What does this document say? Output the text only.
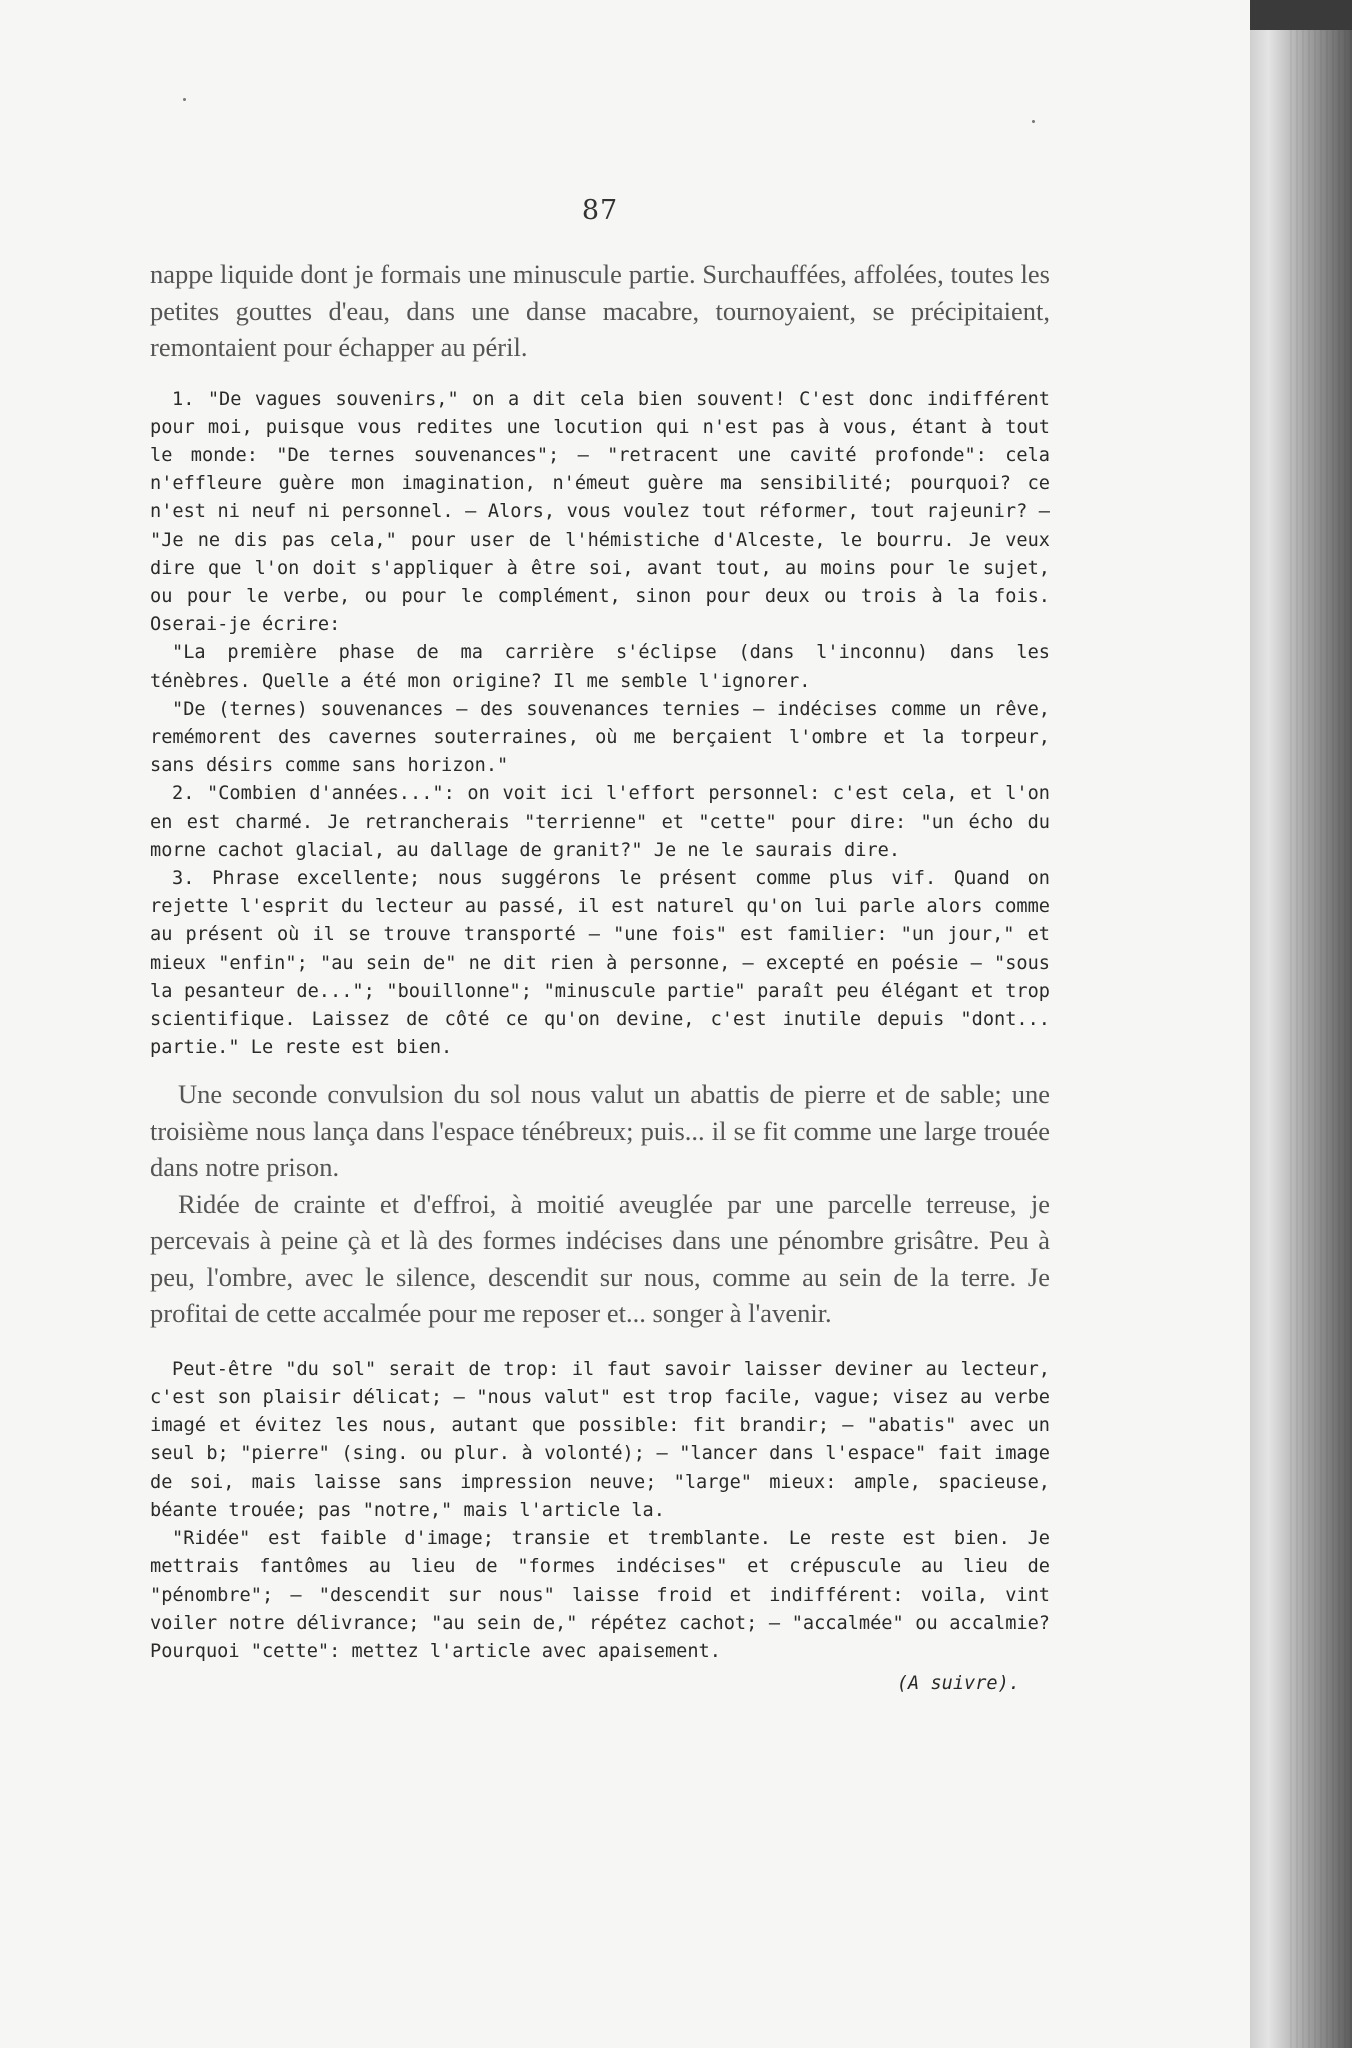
87

nappe liquide dont je formais une minuscule partie. Surchauffées, affolées, toutes les petites gouttes d'eau, dans une danse macabre, tournoyaient, se précipitaient, remontaient pour échapper au péril.

1. "De vagues souvenirs," on a dit cela bien souvent! C'est donc indifférent pour moi, puisque vous redites une locution qui n'est pas à vous, étant à tout le monde: "De ternes souvenances"; — "retracent une cavité profonde": cela n'effleure guère mon imagination, n'émeut guère ma sensibilité; pourquoi? ce n'est ni neuf ni personnel. — Alors, vous voulez tout réformer, tout rajeunir? — "Je ne dis pas cela," pour user de l'hémistiche d'Alceste, le bourru. Je veux dire que l'on doit s'appliquer à être soi, avant tout, au moins pour le sujet, ou pour le verbe, ou pour le complément, sinon pour deux ou trois à la fois. Oserai-je écrire:

"La première phase de ma carrière s'éclipse (dans l'inconnu) dans les ténèbres. Quelle a été mon origine? Il me semble l'ignorer.

"De (ternes) souvenances — des souvenances ternies — indécises comme un rêve, remémorent des cavernes souterraines, où me berçaient l'ombre et la torpeur, sans désirs comme sans horizon."

2. "Combien d'années...": on voit ici l'effort personnel: c'est cela, et l'on en est charmé. Je retrancherais "terrienne" et "cette" pour dire: "un écho du morne cachot glacial, au dallage de granit?" Je ne le saurais dire.

3. Phrase excellente; nous suggérons le présent comme plus vif. Quand on rejette l'esprit du lecteur au passé, il est naturel qu'on lui parle alors comme au présent où il se trouve transporté — "une fois" est familier: "un jour," et mieux "enfin"; "au sein de" ne dit rien à personne, — excepté en poésie — "sous la pesanteur de..."; "bouillonne"; "minuscule partie" paraît peu élégant et trop scientifique. Laissez de côté ce qu'on devine, c'est inutile depuis "dont... partie." Le reste est bien.

Une seconde convulsion du sol nous valut un abattis de pierre et de sable; une troisième nous lança dans l'espace ténébreux; puis... il se fit comme une large trouée dans notre prison.

Ridée de crainte et d'effroi, à moitié aveuglée par une parcelle terreuse, je percevais à peine çà et là des formes indécises dans une pénombre grisâtre. Peu à peu, l'ombre, avec le silence, descendit sur nous, comme au sein de la terre. Je profitai de cette accalmée pour me reposer et... songer à l'avenir.

Peut-être "du sol" serait de trop: il faut savoir laisser deviner au lecteur, c'est son plaisir délicat; — "nous valut" est trop facile, vague; visez au verbe imagé et évitez les nous, autant que possible: fit brandir; — "abatis" avec un seul b; "pierre" (sing. ou plur. à volonté); — "lancer dans l'espace" fait image de soi, mais laisse sans impression neuve; "large" mieux: ample, spacieuse, béante trouée; pas "notre," mais l'article la.

"Ridée" est faible d'image; transie et tremblante. Le reste est bien. Je mettrais fantômes au lieu de "formes indécises" et crépuscule au lieu de "pénombre"; — "descendit sur nous" laisse froid et indifférent: voila, vint voiler notre délivrance; "au sein de," répétez cachot; — "accalmée" ou accalmie? Pourquoi "cette": mettez l'article avec apaisement.

(A suivre).
